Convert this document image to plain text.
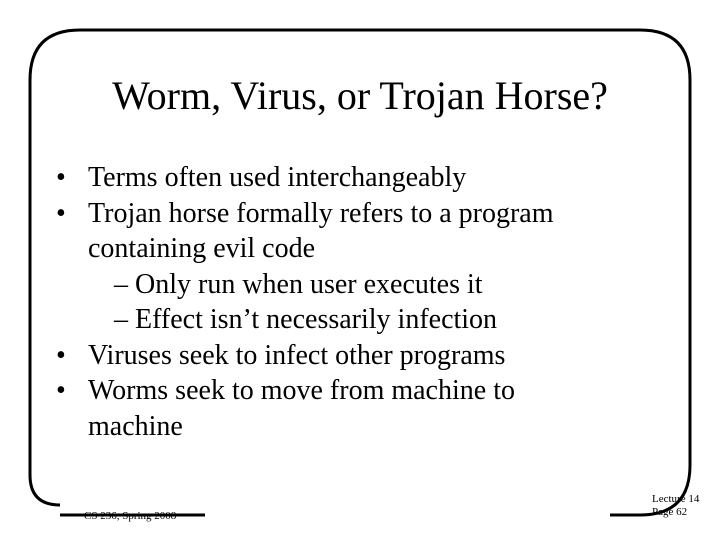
Worm, Virus, or Trojan Horse?
• Terms often used interchangeably
• Trojan horse formally refers to a program
containing evil code
– Only run when user executes it
– Effect isn’t necessarily infection
• Viruses seek to infect other programs
• Worms seek to move from machine to
machine
CS 236, Spring 2008
Lecture 14
Page 62
